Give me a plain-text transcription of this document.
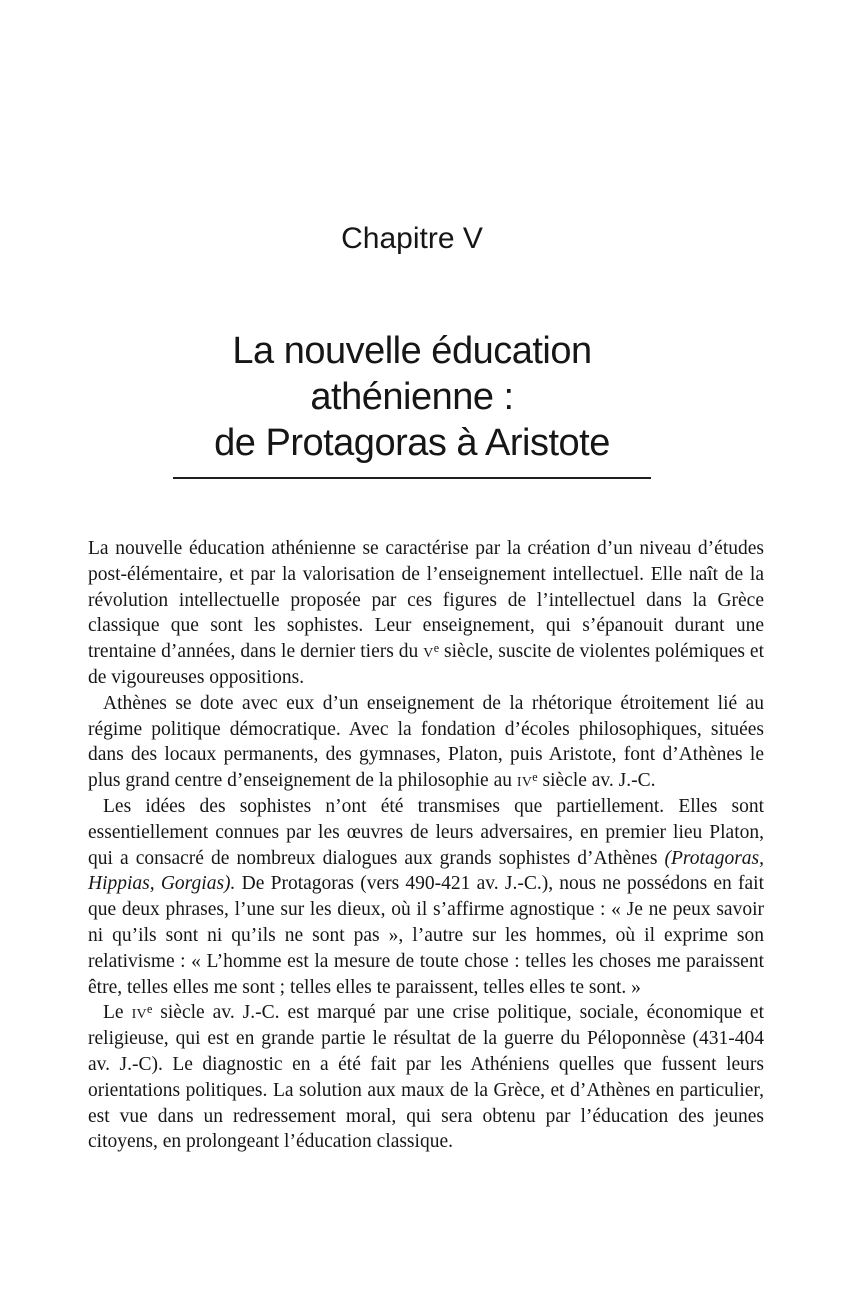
Chapitre V
La nouvelle éducation
athénienne :
de Protagoras à Aristote

La nouvelle éducation athénienne se caractérise par la création d’un niveau d’études post-élémentaire, et par la valorisation de l’enseignement intellectuel. Elle naît de la révolution intellectuelle proposée par ces figures de l’intellectuel dans la Grèce classique que sont les sophistes. Leur enseignement, qui s’épanouit durant une trentaine d’années, dans le dernier tiers du $v^e$ siècle, suscite de violentes polémiques et de vigoureuses oppositions.

Athènes se dote avec eux d’un enseignement de la rhétorique étroitement lié au régime politique démocratique. Avec la fondation d’écoles philosophiques, situées dans des locaux permanents, des gymnases, Platon, puis Aristote, font d’Athènes le plus grand centre d’enseignement de la philosophie au $iv^e$ siècle av. J.-C.

Les idées des sophistes n’ont été transmises que partiellement. Elles sont essentiellement connues par les œuvres de leurs adversaires, en premier lieu Platon, qui a consacré de nombreux dialogues aux grands sophistes d’Athènes (Protagoras, Hippias, Gorgias). De Protagoras (vers 490-421 av. J.-C.), nous ne possédons en fait que deux phrases, l’une sur les dieux, où il s’affirme agnostique : « Je ne peux savoir ni qu’ils sont ni qu’ils ne sont pas », l’autre sur les hommes, où il exprime son relativisme : « L’homme est la mesure de toute chose : telles les choses me paraissent être, telles elles me sont ; telles elles te paraissent, telles elles te sont. »

Le $iv^e$ siècle av. J.-C. est marqué par une crise politique, sociale, économique et religieuse, qui est en grande partie le résultat de la guerre du Péloponnèse (431-404 av. J.-C). Le diagnostic en a été fait par les Athéniens quelles que fussent leurs orientations politiques. La solution aux maux de la Grèce, et d’Athènes en particulier, est vue dans un redressement moral, qui sera obtenu par l’éducation des jeunes citoyens, en prolongeant l’éducation classique.
